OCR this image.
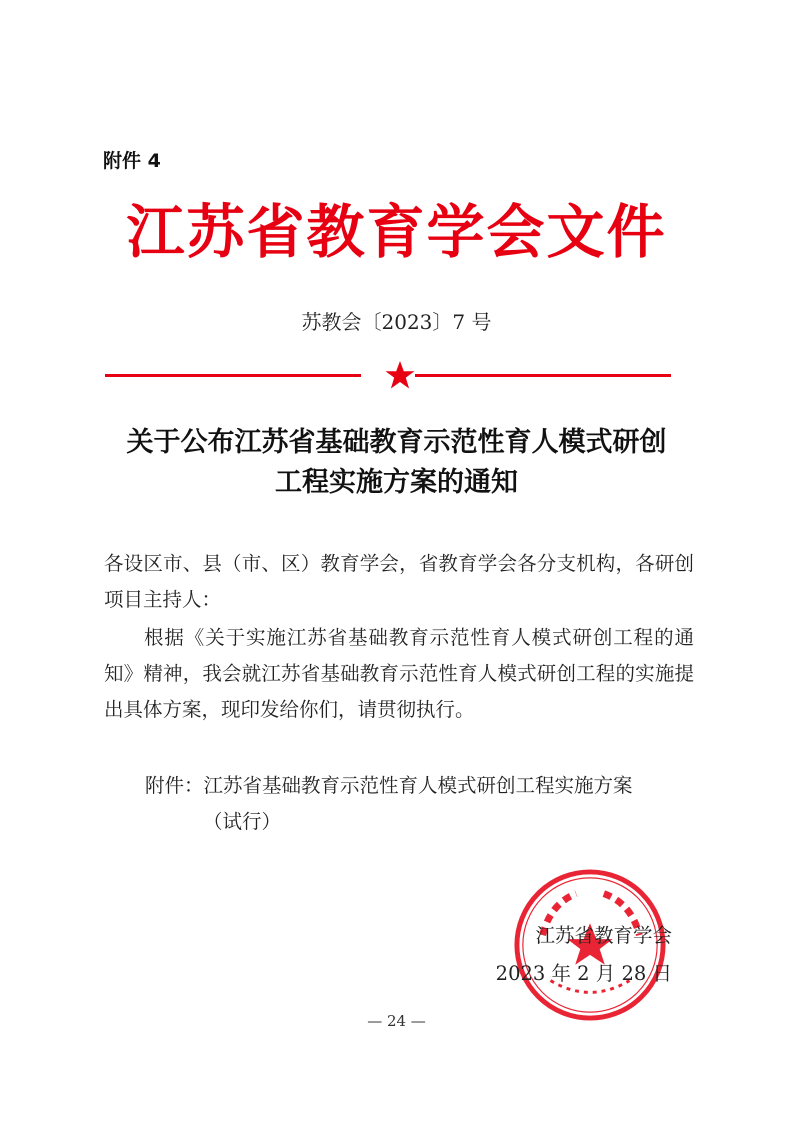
附件 4
江苏省教育学会文件
苏教会〔2023〕7 号
关于公布江苏省基础教育示范性育人模式研创
工程实施方案的通知

各设区市、县（市、区）教育学会，省教育学会各分支机构，各研创项目主持人：

根据《关于实施江苏省基础教育示范性育人模式研创工程的通知》精神，我会就江苏省基础教育示范性育人模式研创工程的实施提出具体方案，现印发给你们，请贯彻执行。

附件：江苏省基础教育示范性育人模式研创工程实施方案
（试行）
江苏省教育学会
2023 年 2 月 28 日
— 24 —
